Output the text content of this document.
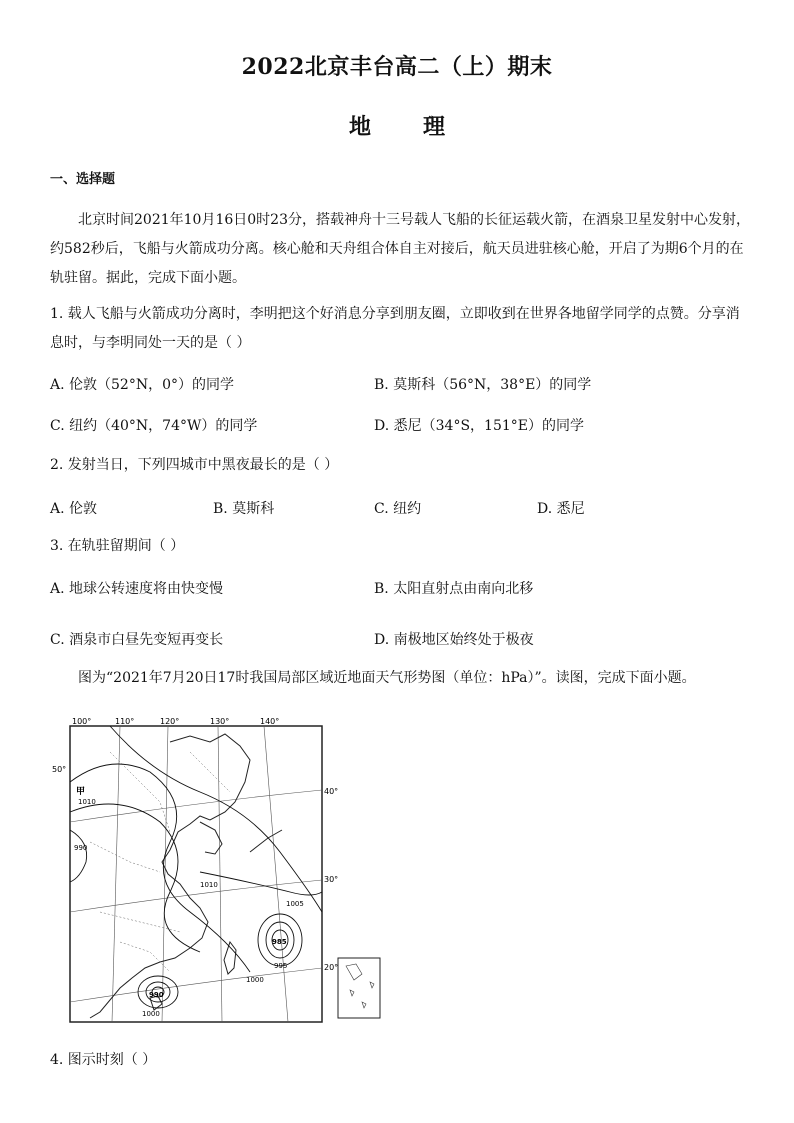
2022北京丰台高二（上）期末
地 理
一、选择题
北京时间2021年10月16日0时23分，搭载神舟十三号载人飞船的长征运载火箭，在酒泉卫星发射中心发射，约582秒后，飞船与火箭成功分离。核心舱和天舟组合体自主对接后，航天员进驻核心舱，开启了为期6个月的在轨驻留。据此，完成下面小题。
1. 载人飞船与火箭成功分离时，李明把这个好消息分享到朋友圈，立即收到在世界各地留学同学的点赞。分享消息时，与李明同处一天的是（ ）
A. 伦敦（52°N，0°）的同学	B. 莫斯科（56°N，38°E）的同学
C. 纽约（40°N，74°W）的同学	D. 悉尼（34°S，151°E）的同学
2. 发射当日，下列四城市中黑夜最长的是（ ）
A. 伦敦	B. 莫斯科	C. 纽约	D. 悉尼
3. 在轨驻留期间（ ）
A. 地球公转速度将由快变慢	B. 太阳直射点由南向北移
C. 酒泉市白昼先变短再变长	D. 南极地区始终处于极夜
图为“2021年7月20日17时我国局部区域近地面天气形势图（单位：hPa）”。读图，完成下面小题。
100°	110°	120°	130°	140°
50°
40°
30°
20°
1010
990
1010
1005
985
995
1000
990
1000
甲
4. 图示时刻（ ）
